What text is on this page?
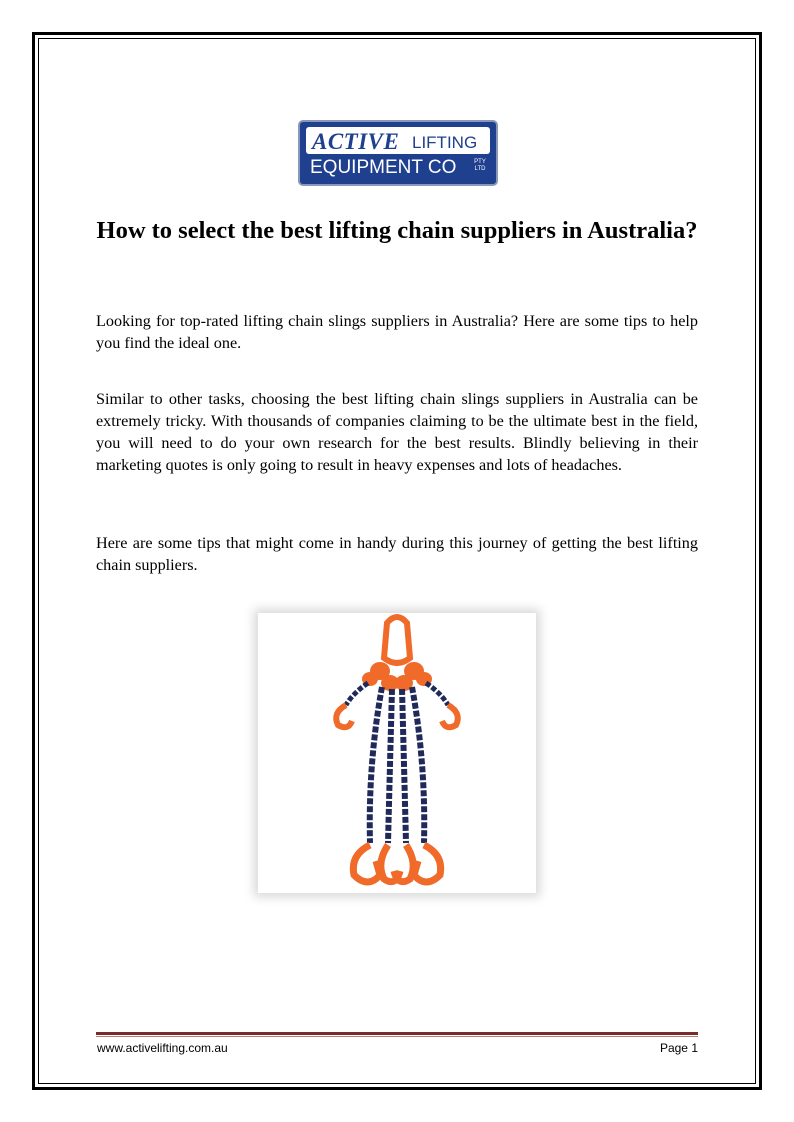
ACTIVE LIFTING
EQUIPMENT CO	PTY
LTD
How to select the best lifting chain suppliers in Australia?

Looking for top-rated lifting chain slings suppliers in Australia? Here are some tips to help you find the ideal one.

Similar to other tasks, choosing the best lifting chain slings suppliers in Australia can be extremely tricky. With thousands of companies claiming to be the ultimate best in the field, you will need to do your own research for the best results. Blindly believing in their marketing quotes is only going to result in heavy expenses and lots of headaches.

Here are some tips that might come in handy during this journey of getting the best lifting chain suppliers.

www.activelifting.com.au	Page 1
